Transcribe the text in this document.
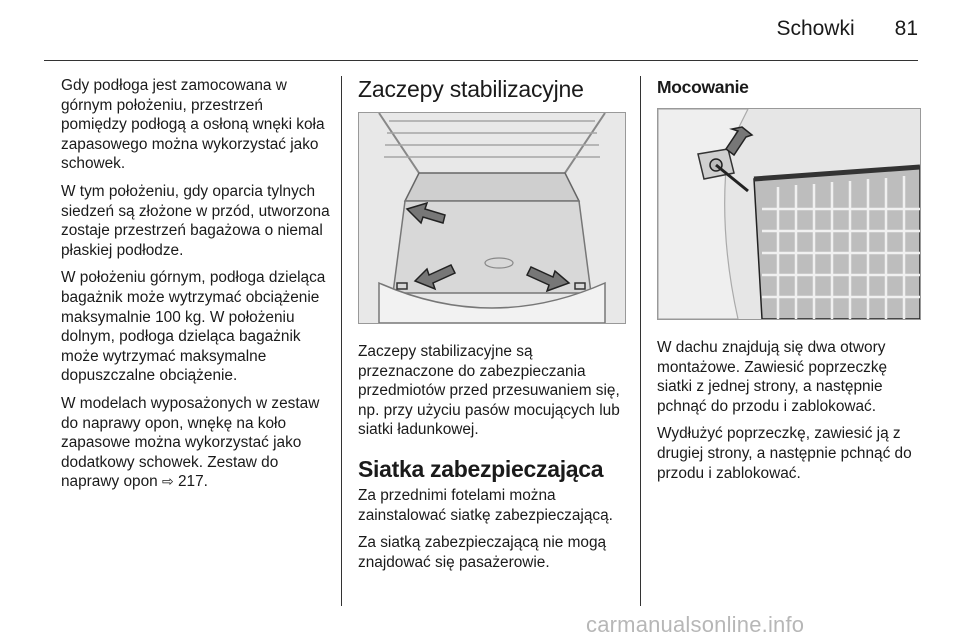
Schowki 81

Gdy podłoga jest zamocowana w górnym położeniu, przestrzeń pomiędzy podłogą a osłoną wnęki koła zapasowego można wykorzystać jako schowek.

W tym położeniu, gdy oparcia tylnych siedzeń są złożone w przód, utworzona zostaje przestrzeń bagażowa o niemal płaskiej podłodze.

W położeniu górnym, podłoga dzieląca bagażnik może wytrzymać obciążenie maksymalnie 100 kg. W położeniu dolnym, podłoga dzieląca bagażnik może wytrzymać maksymalne dopuszczalne obciążenie.

W modelach wyposażonych w zestaw do naprawy opon, wnękę na koło zapasowe można wykorzystać jako dodatkowy schowek. Zestaw do naprawy opon ⇨ 217.

Zaczepy stabilizacyjne

Zaczepy stabilizacyjne są przeznaczone do zabezpieczania przedmiotów przed przesuwaniem się, np. przy użyciu pasów mocujących lub siatki ładunkowej.

Siatka zabezpieczająca

Za przednimi fotelami można zainstalować siatkę zabezpieczającą.

Za siatką zabezpieczającą nie mogą znajdować się pasażerowie.

Mocowanie

W dachu znajdują się dwa otwory montażowe. Zawiesić poprzeczkę siatki z jednej strony, a następnie pchnąć do przodu i zablokować.

Wydłużyć poprzeczkę, zawiesić ją z drugiej strony, a następnie pchnąć do przodu i zablokować.

carmanualsonline.info
